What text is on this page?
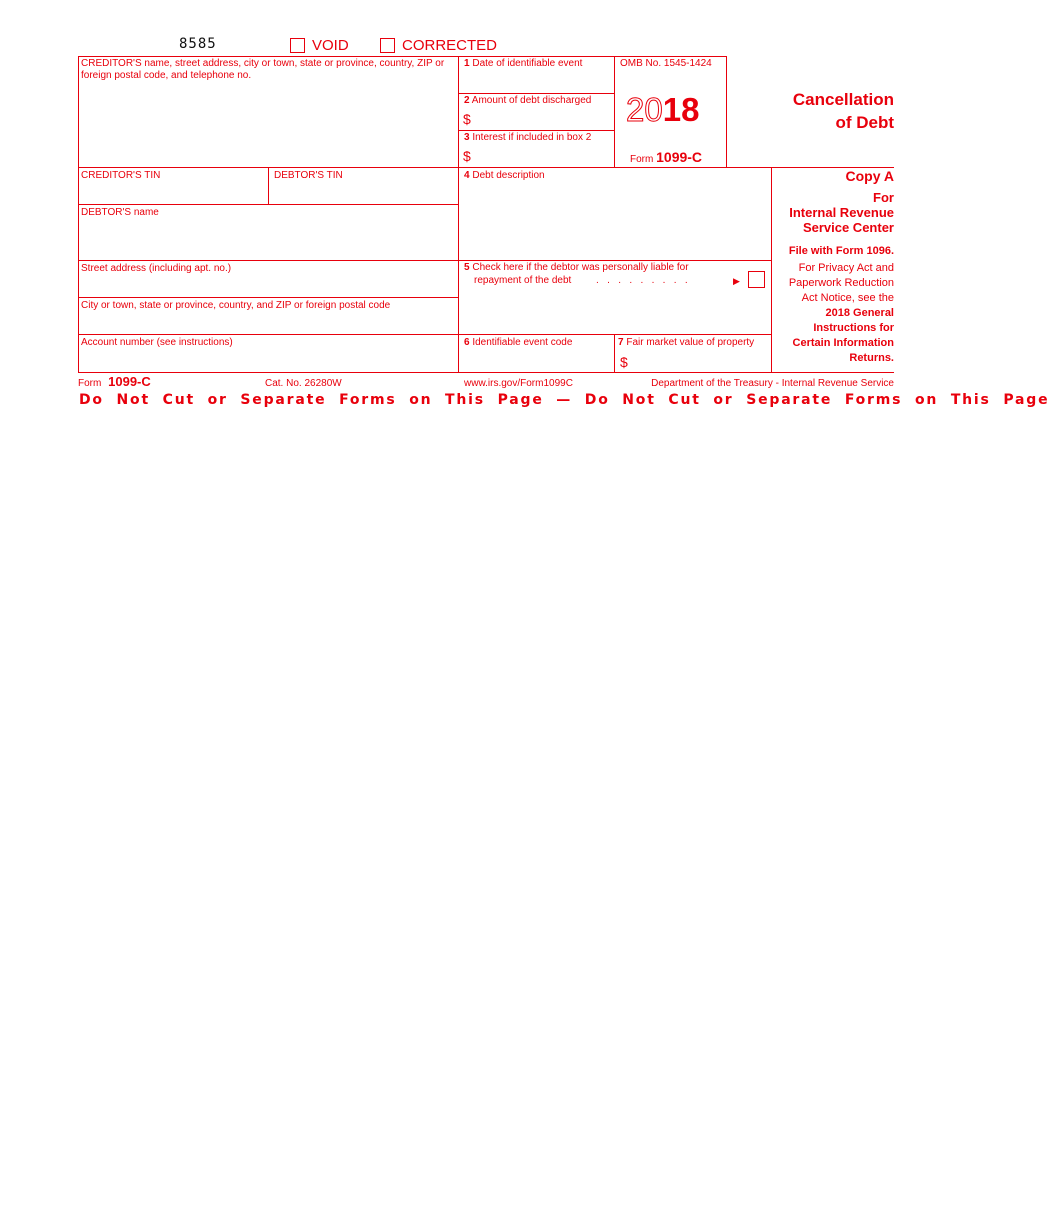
8585	VOID	CORRECTED
CREDITOR'S name, street address, city or town, state or province, country, ZIP or foreign postal code, and telephone no.
1 Date of identifiable event
2 Amount of debt discharged
$
3 Interest if included in box 2
$
OMB No. 1545-1424
2018
Form 1099-C
Cancellation
of Debt
CREDITOR'S TIN	DEBTOR'S TIN
DEBTOR'S name
Street address (including apt. no.)
City or town, state or province, country, and ZIP or foreign postal code
Account number (see instructions)
4 Debt description
5 Check here if the debtor was personally liable for
repayment of the debt .   .   .   .   .   .   .   .   .	▶
6 Identifiable event code	7 Fair market value of property
$
Copy A
For
Internal Revenue
Service Center
File with Form 1096.
For Privacy Act and
Paperwork Reduction
Act Notice, see the
2018 General
Instructions for
Certain Information
Returns.
Form 1099-C	Cat. No. 26280W	www.irs.gov/Form1099C	Department of the Treasury - Internal Revenue Service
Do Not Cut or Separate Forms on This Page — Do Not Cut or Separate Forms on This Page
